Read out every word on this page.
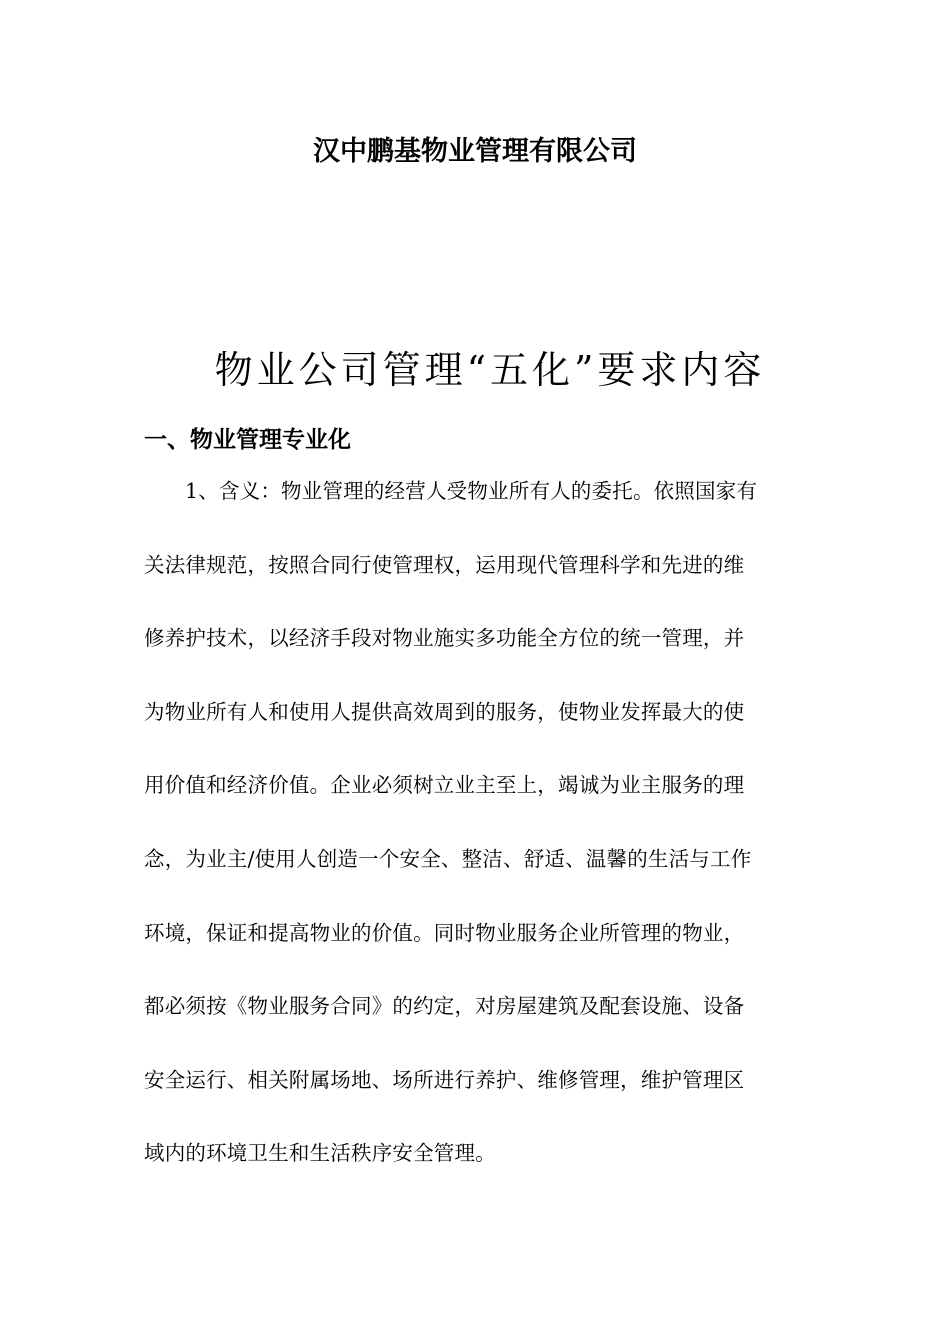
汉中鹏基物业管理有限公司
物业公司管理“五化”要求内容
一、物业管理专业化
1、含义：物业管理的经营人受物业所有人的委托。依照国家有
关法律规范，按照合同行使管理权，运用现代管理科学和先进的维
修养护技术，以经济手段对物业施实多功能全方位的统一管理，并
为物业所有人和使用人提供高效周到的服务，使物业发挥最大的使
用价值和经济价值。企业必须树立业主至上，竭诚为业主服务的理
念，为业主/使用人创造一个安全、整洁、舒适、温馨的生活与工作
环境，保证和提高物业的价值。同时物业服务企业所管理的物业，
都必须按《物业服务合同》的约定，对房屋建筑及配套设施、设备
安全运行、相关附属场地、场所进行养护、维修管理，维护管理区
域内的环境卫生和生活秩序安全管理。
